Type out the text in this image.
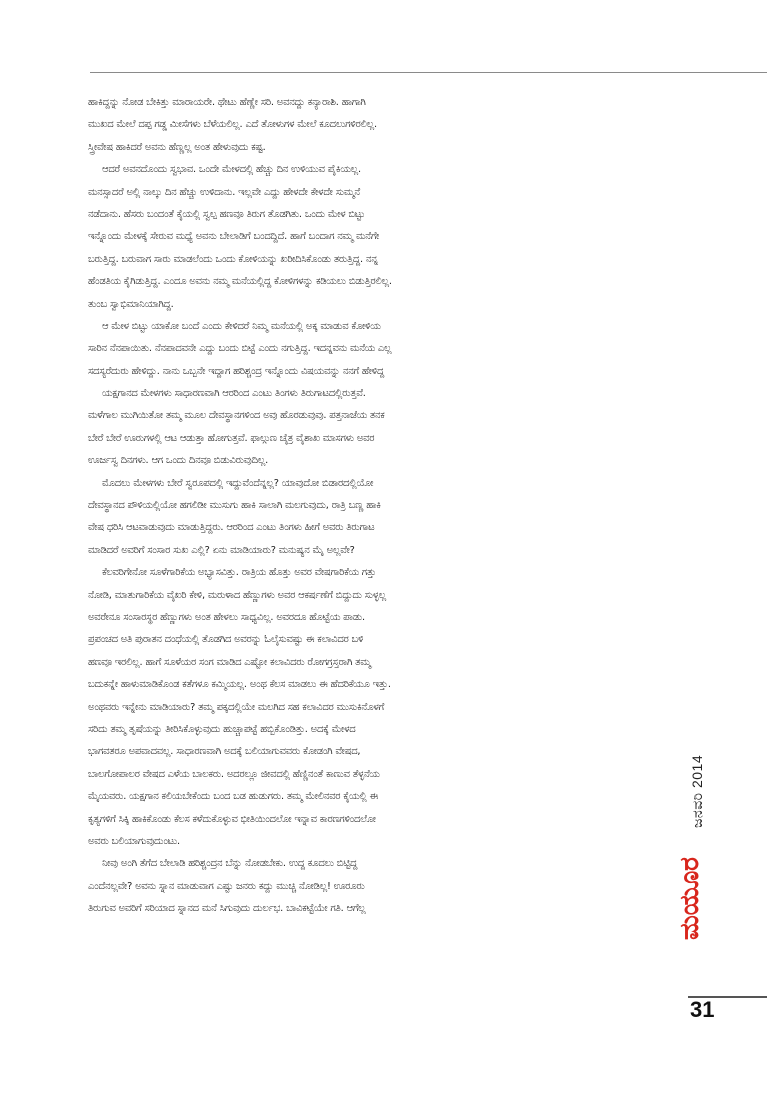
ಹಾಕಿದ್ದನ್ನು ನೋಡ ಬೇಕಿತ್ತು ಮಾರಾಯರೇ. ಥೇಟು ಹೆಣ್ಣೇ ಸರಿ. ಅವನದ್ದು ಕನ್ಯಾರಾಶಿ. ಹಾಗಾಗಿ
ಮುಖದ ಮೇಲೆ ದಪ್ಪ ಗಡ್ಡ ಮೀಸೆಗಳು ಬೆಳೆಯಲಿಲ್ಲ. ಎದೆ ತೋಳುಗಳ ಮೇಲೆ ಕೂದಲುಗಳಿರಲಿಲ್ಲ.
ಸ್ತ್ರೀವೇಷ ಹಾಕಿದರೆ ಅವನು ಹೆಣ್ಣಲ್ಲ ಅಂತ ಹೇಳುವುದು ಕಷ್ಟ.
ಆದರೆ ಅವನದೊಂದು ಸ್ವಭಾವ. ಒಂದೇ ಮೇಳದಲ್ಲಿ ಹೆಚ್ಚು ದಿನ ಉಳಿಯುವ ಪೈಕಿಯಲ್ಲ.
ಮನಸ್ಸಾದರೆ ಅಲ್ಲಿ ನಾಲ್ಕು ದಿನ ಹೆಚ್ಚು ಉಳಿದಾನು. ಇಲ್ಲವೇ ಎದ್ದು ಹೇಳದೇ ಕೇಳದೇ ಸುಮ್ಮನೆ
ನಡೆದಾನು. ಹೆಸರು ಬಂದಂತೆ ಕೈಯಲ್ಲಿ ಸ್ವಲ್ಪ ಹಣವೂ ತಿರುಗ ತೊಡಗಿತು. ಒಂದು ಮೇಳ ಬಿಟ್ಟು
ಇನ್ನೊಂದು ಮೇಳಕ್ಕೆ ಸೇರುವ ಮಧ್ಯೆ ಅವನು ಬೇಲಾಡಿಗೆ ಬಂದದ್ದಿದೆ. ಹಾಗೆ ಬಂದಾಗ ನಮ್ಮ ಮನೆಗೇ
ಬರುತ್ತಿದ್ದ. ಬರುವಾಗ ಸಾರು ಮಾಡಲೆಂದು ಒಂದು ಕೋಳಿಯನ್ನು ಖರೀದಿಸಿಕೊಂಡು ತರುತ್ತಿದ್ದ. ನನ್ನ
ಹೆಂಡತಿಯ ಕೈಗಿಡುತ್ತಿದ್ದ. ಎಂದೂ ಅವನು ನಮ್ಮ ಮನೆಯಲ್ಲಿದ್ದ ಕೋಳಿಗಳನ್ನು ಕಡಿಯಲು ಬಿಡುತ್ತಿರಲಿಲ್ಲ.
ತುಂಬ ಸ್ವಾಭಿಮಾನಿಯಾಗಿದ್ದ.
ಆ ಮೇಳ ಬಿಟ್ಟು ಯಾಕೋ ಬಂದೆ ಎಂದು ಕೇಳಿದರೆ ನಿಮ್ಮ ಮನೆಯಲ್ಲಿ ಅಕ್ಕ ಮಾಡುವ ಕೋಳಿಯ
ಸಾರಿನ ನೆನಪಾಯಿತು. ನೆನಪಾದವನೇ ಎದ್ದು ಬಂದು ಬಿಟ್ಟೆ ಎಂದು ನಗುತ್ತಿದ್ದ. ಇದನ್ನವನು ಮನೆಯ ಎಲ್ಲ
ಸದಸ್ಯರೆದುರು ಹೇಳಿದ್ದು. ನಾನು ಒಬ್ಬನೇ ಇದ್ದಾಗ ಹರಿಶ್ಚಂದ್ರ ಇನ್ನೊಂದು ವಿಷಯವನ್ನು ನನಗೆ ಹೇಳಿದ್ದ
ಯಕ್ಷಗಾನದ ಮೇಳಗಳು ಸಾಧಾರಣವಾಗಿ ಆರರಿಂದ ಎಂಟು ತಿಂಗಳು ತಿರುಗಾಟದಲ್ಲಿರುತ್ತವೆ.
ಮಳೆಗಾಲ ಮುಗಿಯಿತೋ ತಮ್ಮ ಮೂಲ ದೇವಸ್ಥಾನಗಳಿಂದ ಅವು ಹೊರಡುವುವು. ಪತ್ತನಾಜೆಯ ತನಕ
ಬೇರೆ ಬೇರೆ ಊರುಗಳಲ್ಲಿ ಆಟ ಆಡುತ್ತಾ ಹೋಗುತ್ತವೆ. ಫಾಲ್ಗುಣ ಚೈತ್ರ ವೈಶಾಖ ಮಾಸಗಳು ಅವರ
ಊರ್ಜಸ್ವ ದಿನಗಳು. ಆಗ ಒಂದು ದಿನವೂ ಬಿಡುವಿರುವುದಿಲ್ಲ.
ಮೊದಲು ಮೇಳಗಳು ಬೇರೆ ಸ್ವರೂಪದಲ್ಲಿ ಇದ್ದುವೆಂದೆನ್ನಲ್ಲ? ಯಾವುದೋ ಬಿಡಾರದಲ್ಲಿಯೋ
ದೇವಸ್ಥಾನದ ಪೌಳಿಯಲ್ಲಿಯೋ ಹಗಲಿಡೀ ಮುಸುಗು ಹಾಕಿ ಸಾಲಾಗಿ ಮಲಗುವುದು, ರಾತ್ರಿ ಬಣ್ಣ ಹಾಕಿ
ವೇಷ ಧರಿಸಿ ಆಟವಾಡುವುದು ಮಾಡುತ್ತಿದ್ದರು. ಆರರಿಂದ ಎಂಟು ತಿಂಗಳು ಹೀಗೆ ಅವರು ತಿರುಗಾಟ
ಮಾಡಿದರೆ ಅವರಿಗೆ ಸಂಸಾರ ಸುಖ ಎಲ್ಲಿ? ಏನು ಮಾಡಿಯಾರು? ಮನುಷ್ಯನ ಮೈ ಅಲ್ಲವೇ?
ಕೆಲವರಿಗೇನೋ ಸೂಳೆಗಾರಿಕೆಯ ಅಭ್ಯಾಸವಿತ್ತು. ರಾತ್ರಿಯ ಹೊತ್ತು ಅವರ ವೇಷಗಾರಿಕೆಯ ಗತ್ತು
ನೋಡಿ, ಮಾತುಗಾರಿಕೆಯ ವೈಖರಿ ಕೇಳಿ, ಮರುಳಾದ ಹೆಣ್ಣುಗಳು ಅವರ ಆಕರ್ಷಣೆಗೆ ಬಿದ್ದುದು ಸುಳ್ಳಲ್ಲ
ಅವರೇನೂ ಸಂಸಾರಸ್ಥರ ಹೆಣ್ಣುಗಳು ಅಂತ ಹೇಳಲು ಸಾಧ್ಯವಿಲ್ಲ. ಅವರದೂ ಹೊಟ್ಟೆಯ ಪಾಡು.
ಪ್ರಪಂಚದ ಅತಿ ಪುರಾತನ ದಂಧೆಯಲ್ಲಿ ತೊಡಗಿದ ಅವರನ್ನು ಓಲೈಸುವಷ್ಟು ಈ ಕಲಾವಿದರ ಬಳಿ
ಹಣವೂ ಇರಲಿಲ್ಲ. ಹಾಗೆ ಸೂಳೆಯರ ಸಂಗ ಮಾಡಿದ ಎಷ್ಟೋ ಕಲಾವಿದರು ರೋಗಗ್ರಸ್ತರಾಗಿ ತಮ್ಮ
ಬದುಕನ್ನೇ ಹಾಳುಮಾಡಿಕೊಂಡ ಕತೆಗಳೂ ಕಮ್ಮಿಯಲ್ಲ. ಅಂಥ ಕೆಲಸ ಮಾಡಲು ಈ ಹೆದರಿಕೆಯೂ ಇತ್ತು.
ಅಂಥವರು ಇನ್ನೇನು ಮಾಡಿಯಾರು? ತಮ್ಮ ಪಕ್ಕದಲ್ಲಿಯೇ ಮಲಗಿದ ಸಹ ಕಲಾವಿದರ ಮುಸುಕಿನೊಳಗೆ
ಸರಿದು ತಮ್ಮ ತೃಷೆಯನ್ನು ತೀರಿಸಿಕೊಳ್ಳುವುದು ಹುಚ್ಚಾಪಟ್ಟೆ ಹಬ್ಬಿಕೊಂಡಿತ್ತು. ಅದಕ್ಕೆ ಮೇಳದ
ಭಾಗವತರೂ ಅಪವಾದವಲ್ಲ. ಸಾಧಾರಣವಾಗಿ ಅದಕ್ಕೆ ಬಲಿಯಾಗುವವರು ಕೋಡಂಗಿ ವೇಷದ,
ಬಾಲಗೋಪಾಲರ ವೇಷದ ಎಳೆಯ ಬಾಲಕರು. ಅದರಲ್ಲೂ ಜೀವದಲ್ಲಿ ಹೆಣ್ಣಿನಂತೆ ಕಾಣುವ ತೆಳ್ಳನೆಯ
ಮೈಯವರು. ಯಕ್ಷಗಾನ ಕಲಿಯಬೇಕೆಂದು ಬಂದ ಬಡ ಹುಡುಗರು. ತಮ್ಮ ಮೇಲಿನವರ ಕೈಯಲ್ಲಿ ಈ
ಕೃತ್ಯಗಳಿಗೆ ಸಿಕ್ಕಿ ಹಾಕಿಕೊಂಡು ಕೆಲಸ ಕಳೆದುಕೊಳ್ಳುವ ಭೀತಿಯಿಂದಲೋ ಇನ್ನಾವ ಕಾರಣಗಳಿಂದಲೋ
ಅವರು ಬಲಿಯಾಗುವುದುಂಟು.
ನೀವು ಅಂಗಿ ತೆಗೆದ ಬೇಲಾಡಿ ಹರಿಶ್ಚಂದ್ರನ ಬೆನ್ನು ನೋಡಬೇಕು. ಉದ್ದ ಕೂದಲು ಬಿಟ್ಟಿದ್ದ
ಎಂದೆನಲ್ಲವೇ? ಅವನು ಸ್ನಾನ ಮಾಡುವಾಗ ಎಷ್ಟು ಜನರು ಕದ್ದು ಮುಚ್ಚಿ ನೋಡಿಲ್ಲ! ಊರೂರು
ತಿರುಗುವ ಅವರಿಗೆ ಸರಿಯಾದ ಸ್ನಾನದ ಮನೆ ಸಿಗುವುದು ದುರ್ಲಭ. ಬಾವಿಕಟ್ಟೆಯೇ ಗತಿ. ಆಗೆಲ್ಲ
ಜನವರಿ 2014
ಮಯೂರ
31
